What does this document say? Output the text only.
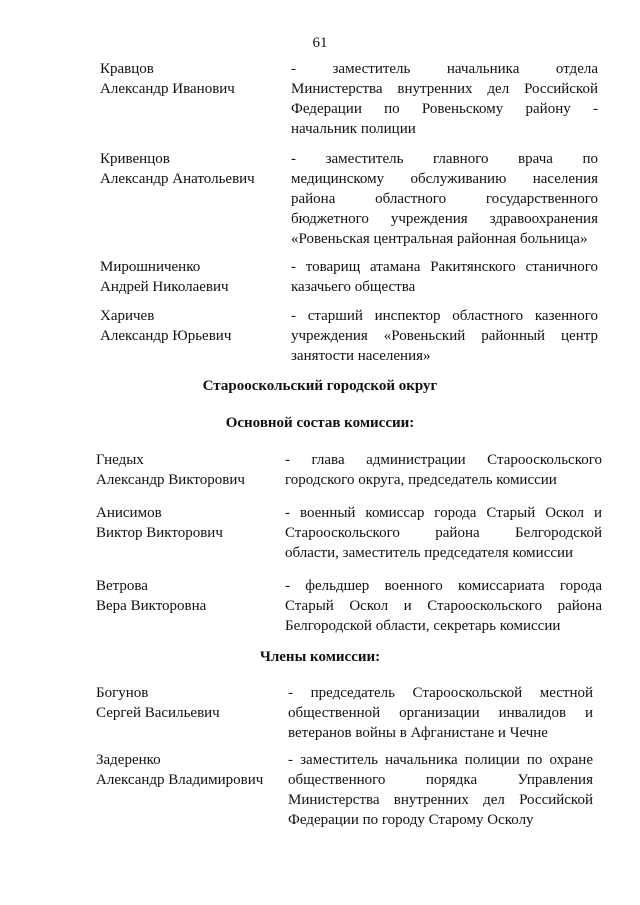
61
Кравцов
Александр Иванович
- заместитель начальника отдела
Министерства внутренних дел Российской
Федерации по Ровеньскому району -
начальник полиции
Кривенцов
Александр Анатольевич
- заместитель главного врача по
медицинскому обслуживанию населения
района областного государственного
бюджетного учреждения здравоохранения
«Ровеньская центральная районная больница»
Мирошниченко
Андрей Николаевич
- товарищ атамана Ракитянского станичного
казачьего общества
Харичев
Александр Юрьевич
- старший инспектор областного казенного
учреждения «Ровеньский районный центр
занятости населения»
Старооскольский городской округ
Основной состав комиссии:
Гнедых
Александр Викторович
- глава администрации Старооскольского
городского округа, председатель комиссии
Анисимов
Виктор Викторович
- военный комиссар города Старый Оскол и
Старооскольского района Белгородской
области, заместитель председателя комиссии
Ветрова
Вера Викторовна
- фельдшер военного комиссариата города
Старый Оскол и Старооскольского района
Белгородской области, секретарь комиссии
Члены комиссии:
Богунов
Сергей Васильевич
- председатель Старооскольской местной
общественной организации инвалидов и
ветеранов войны в Афганистане и Чечне
Задеренко
Александр Владимирович
- заместитель начальника полиции по охране
общественного порядка Управления
Министерства внутренних дел Российской
Федерации по городу Старому Осколу
